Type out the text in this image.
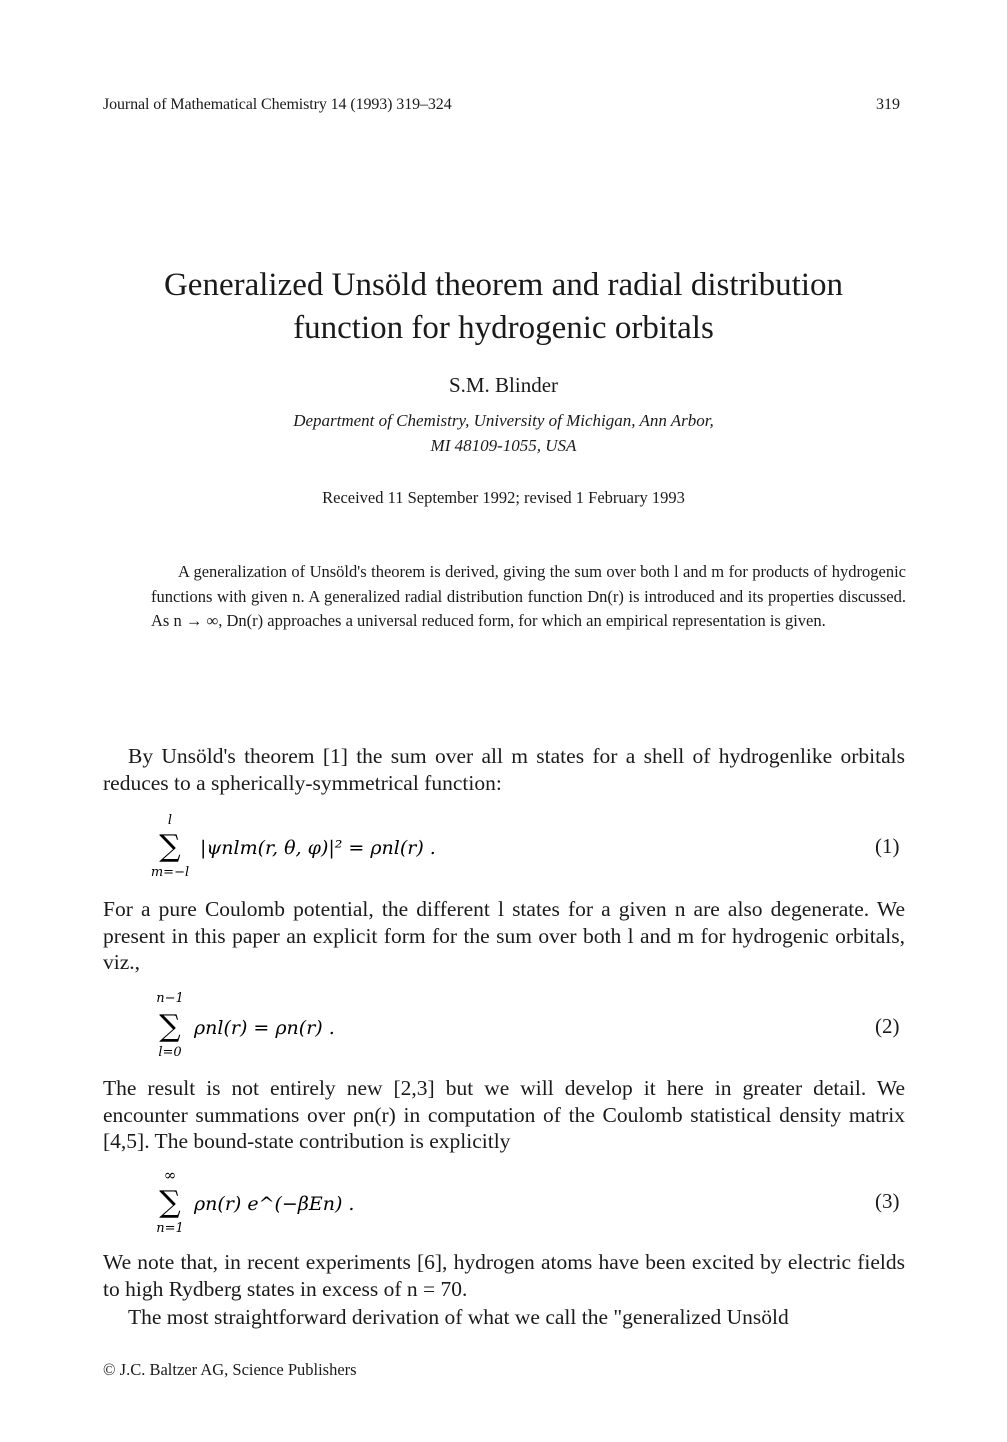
Journal of Mathematical Chemistry 14 (1993) 319–324	319
Generalized Unsöld theorem and radial distribution
function for hydrogenic orbitals
S.M. Blinder
Department of Chemistry, University of Michigan, Ann Arbor,
MI 48109-1055, USA
Received 11 September 1992; revised 1 February 1993

A generalization of Unsöld's theorem is derived, giving the sum over both l and m for products of hydrogenic functions with given n. A generalized radial distribution function Dn(r) is introduced and its properties discussed. As n → ∞, Dn(r) approaches a universal reduced form, for which an empirical representation is given.

By Unsöld's theorem [1] the sum over all m states for a shell of hydrogenlike orbitals reduces to a spherically-symmetrical function:

l
∑
m=−l
|ψnlm(r, θ, φ)|² = ρnl(r) .	(1)

For a pure Coulomb potential, the different l states for a given n are also degenerate. We present in this paper an explicit form for the sum over both l and m for hydrogenic orbitals, viz.,

n−1
∑
l=0
ρnl(r) = ρn(r) .	(2)

The result is not entirely new [2,3] but we will develop it here in greater detail. We encounter summations over ρn(r) in computation of the Coulomb statistical density matrix [4,5]. The bound-state contribution is explicitly

∞
∑
n=1
ρn(r) e^(−βEn) .	(3)

We note that, in recent experiments [6], hydrogen atoms have been excited by electric fields to high Rydberg states in excess of n = 70.

The most straightforward derivation of what we call the "generalized Unsöld

© J.C. Baltzer AG, Science Publishers
